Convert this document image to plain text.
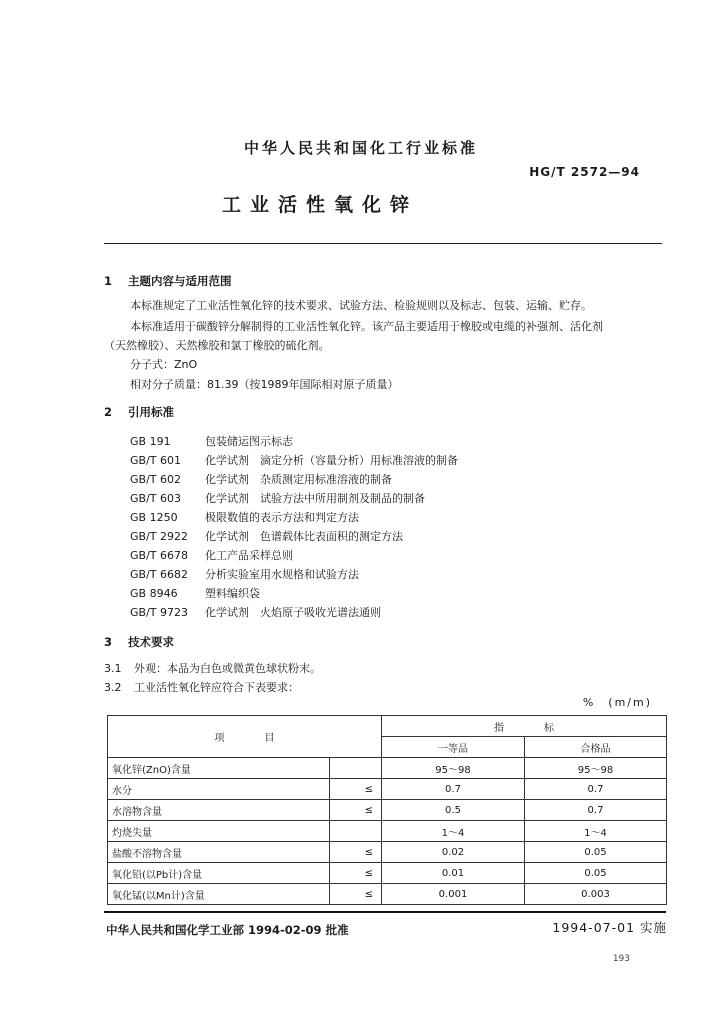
中华人民共和国化工行业标准
HG/T 2572—94
工业活性氧化锌
1 主题内容与适用范围
本标准规定了工业活性氧化锌的技术要求、试验方法、检验规则以及标志、包装、运输、贮存。
本标准适用于碳酸锌分解制得的工业活性氧化锌。该产品主要适用于橡胶或电缆的补强剂、活化剂
（天然橡胶）、天然橡胶和氯丁橡胶的硫化剂。
分子式：ZnO
相对分子质量：81.39（按1989年国际相对原子质量）
2 引用标准
GB 191	包装储运图示标志
GB/T 601 化学试剂　滴定分析（容量分析）用标准溶液的制备
GB/T 602 化学试剂　杂质测定用标准溶液的制备
GB/T 603 化学试剂　试验方法中所用制剂及制品的制备
GB 1250 极限数值的表示方法和判定方法
GB/T 2922 化学试剂　色谱载体比表面积的测定方法
GB/T 6678 化工产品采样总则
GB/T 6682 分析实验室用水规格和试验方法
GB 8946 塑料编织袋
GB/T 9723 化学试剂　火焰原子吸收光谱法通则
3 技术要求
3.1 外观：本品为白色或微黄色球状粉末。
3.2 工业活性氧化锌应符合下表要求：
%　(m/m)
项　　　　目		指　　　　标	
		一等品	合格品
氧化锌(ZnO)含量		95～98	95～98
水分	≤	0.7	0.7
水溶物含量	≤	0.5	0.7
灼烧失量		1～4	1～4
盐酸不溶物含量	≤	0.02	0.05
氧化铅(以Pb计)含量	≤	0.01	0.05
氧化锰(以Mn计)含量	≤	0.001	0.003
中华人民共和国化学工业部 1994-02-09 批准	1994-07-01 实施
193
